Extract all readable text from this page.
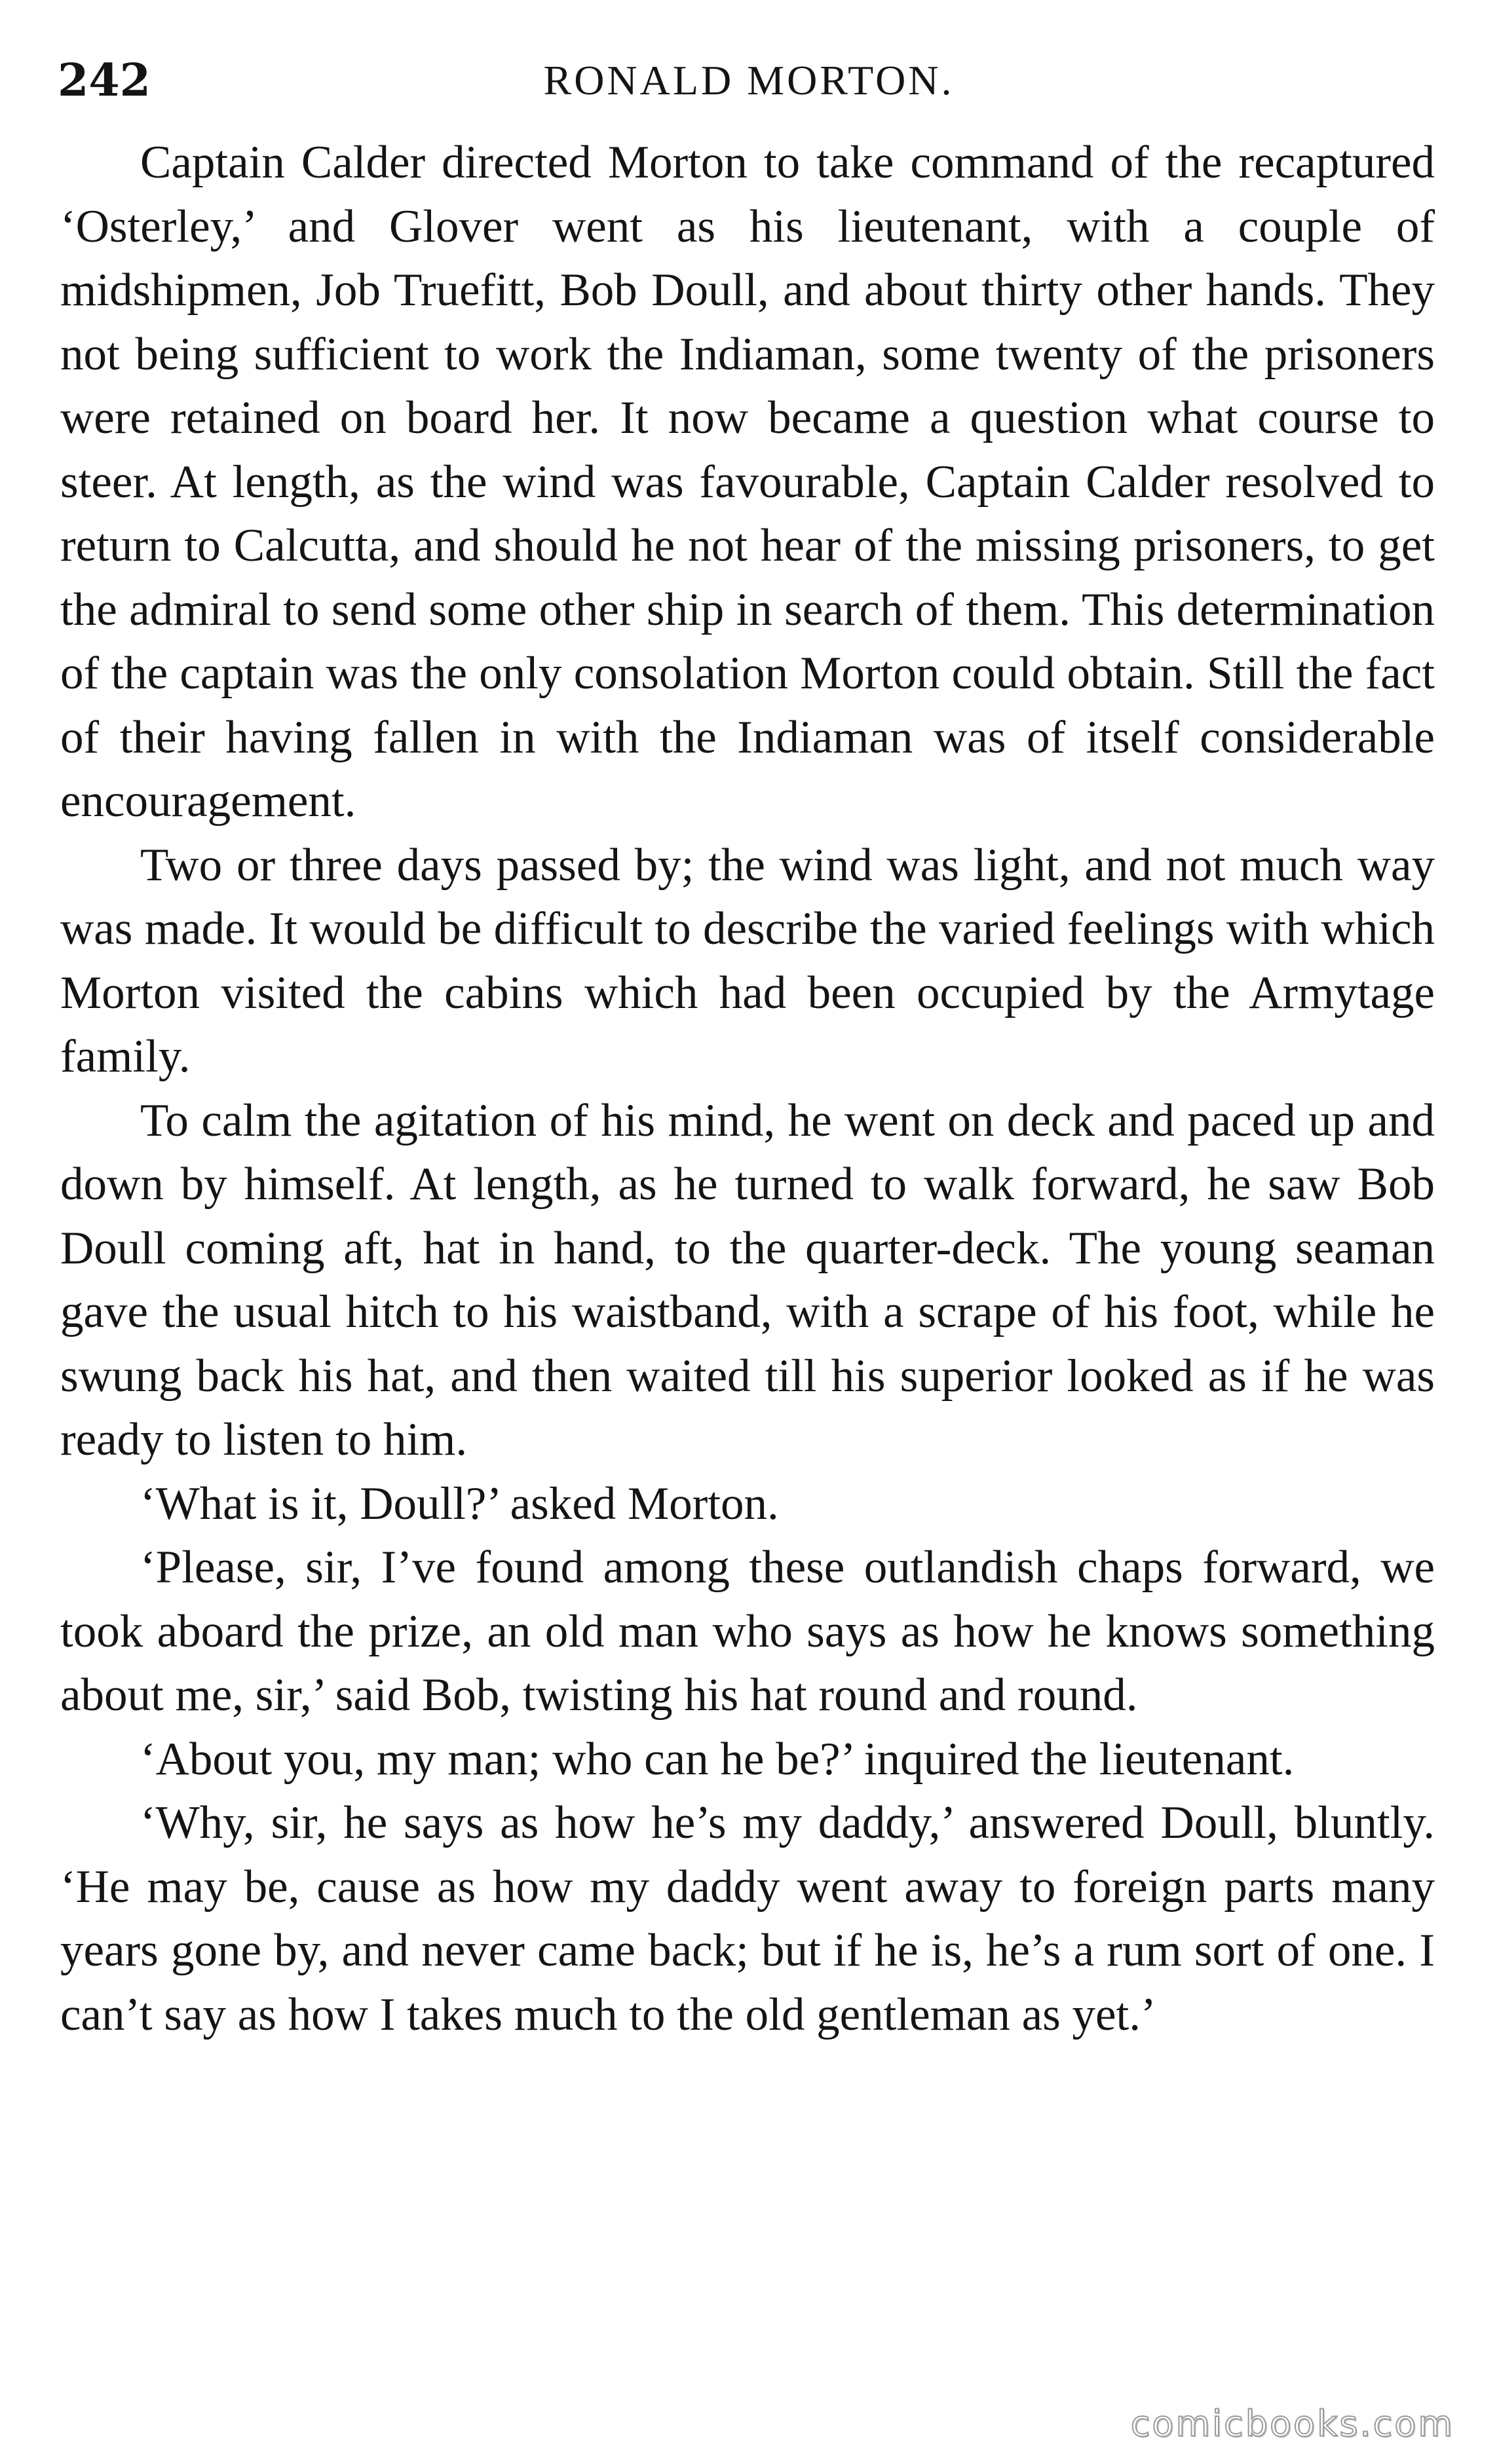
242	RONALD MORTON.

Captain Calder directed Morton to take command of the recaptured ‘Osterley,’ and Glover went as his lieutenant, with a couple of midshipmen, Job Truefitt, Bob Doull, and about thirty other hands. They not being sufficient to work the Indiaman, some twenty of the prisoners were retained on board her. It now became a question what course to steer. At length, as the wind was favourable, Captain Calder resolved to return to Calcutta, and should he not hear of the missing prisoners, to get the admiral to send some other ship in search of them. This determination of the captain was the only consolation Morton could obtain. Still the fact of their having fallen in with the Indiaman was of itself considerable encouragement.

Two or three days passed by; the wind was light, and not much way was made. It would be difficult to describe the varied feelings with which Morton visited the cabins which had been occupied by the Armytage family.

To calm the agitation of his mind, he went on deck and paced up and down by himself. At length, as he turned to walk forward, he saw Bob Doull coming aft, hat in hand, to the quarter-deck. The young seaman gave the usual hitch to his waistband, with a scrape of his foot, while he swung back his hat, and then waited till his superior looked as if he was ready to listen to him.

‘What is it, Doull?’ asked Morton.

‘Please, sir, I’ve found among these outlandish chaps forward, we took aboard the prize, an old man who says as how he knows something about me, sir,’ said Bob, twisting his hat round and round.

‘About you, my man; who can he be?’ inquired the lieutenant.

‘Why, sir, he says as how he’s my daddy,’ answered Doull, bluntly. ‘He may be, cause as how my daddy went away to foreign parts many years gone by, and never came back; but if he is, he’s a rum sort of one. I can’t say as how I takes much to the old gentleman as yet.’

comicbooks.com
